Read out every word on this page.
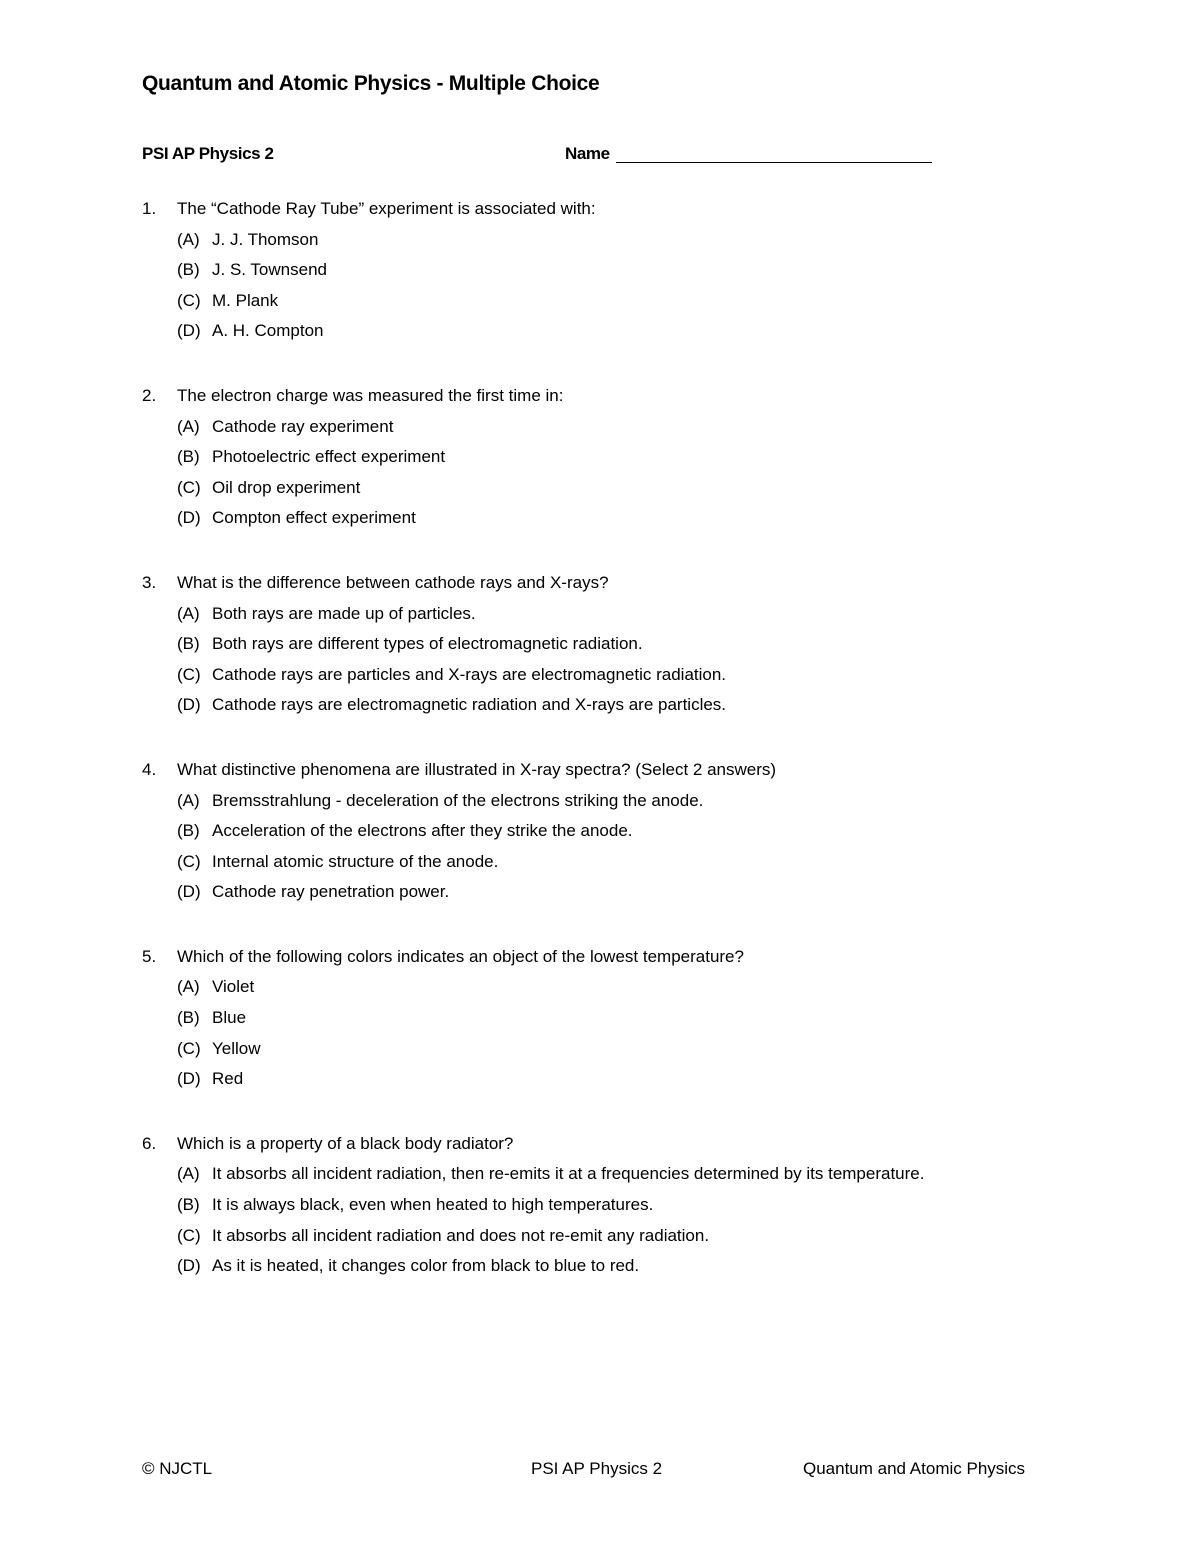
Quantum and Atomic Physics - Multiple Choice
PSI AP Physics 2	Name
1. The “Cathode Ray Tube” experiment is associated with:
(A) J. J. Thomson
(B) J. S. Townsend
(C) M. Plank
(D) A. H. Compton
2. The electron charge was measured the first time in:
(A) Cathode ray experiment
(B) Photoelectric effect experiment
(C) Oil drop experiment
(D) Compton effect experiment
3. What is the difference between cathode rays and X-rays?
(A) Both rays are made up of particles.
(B) Both rays are different types of electromagnetic radiation.
(C) Cathode rays are particles and X-rays are electromagnetic radiation.
(D) Cathode rays are electromagnetic radiation and X-rays are particles.
4. What distinctive phenomena are illustrated in X-ray spectra? (Select 2 answers)
(A) Bremsstrahlung - deceleration of the electrons striking the anode.
(B) Acceleration of the electrons after they strike the anode.
(C) Internal atomic structure of the anode.
(D) Cathode ray penetration power.
5. Which of the following colors indicates an object of the lowest temperature?
(A) Violet
(B) Blue
(C) Yellow
(D) Red
6. Which is a property of a black body radiator?
(A) It absorbs all incident radiation, then re-emits it at a frequencies determined by its temperature.
(B) It is always black, even when heated to high temperatures.
(C) It absorbs all incident radiation and does not re-emit any radiation.
(D) As it is heated, it changes color from black to blue to red.
© NJCTL	PSI AP Physics 2	Quantum and Atomic Physics
